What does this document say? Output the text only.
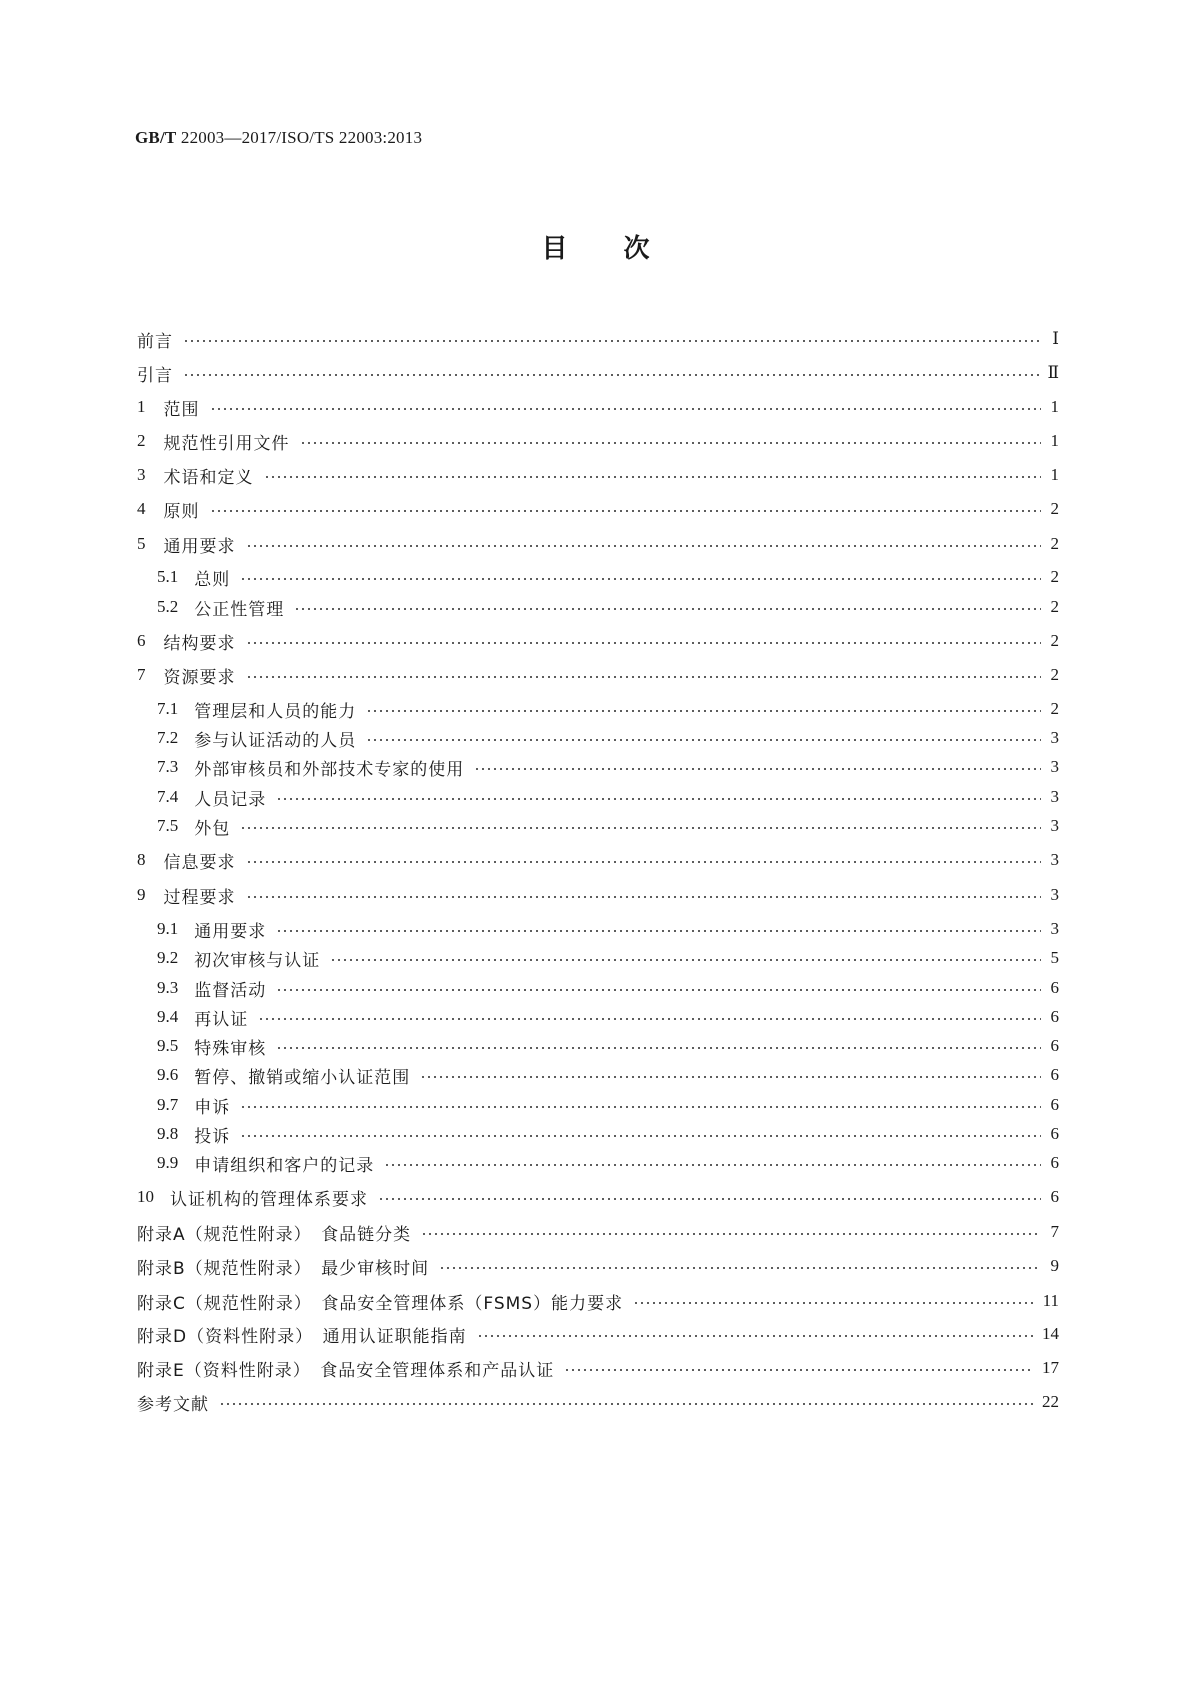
GB/T 22003—2017/ISO/TS 22003:2013
目次
前言	Ⅰ
引言	Ⅱ
1 范围	1
2 规范性引用文件	1
3 术语和定义	1
4 原则	2
5 通用要求	2
5.1 总则	2
5.2 公正性管理	2
6 结构要求	2
7 资源要求	2
7.1 管理层和人员的能力	2
7.2 参与认证活动的人员	3
7.3 外部审核员和外部技术专家的使用	3
7.4 人员记录	3
7.5 外包	3
8 信息要求	3
9 过程要求	3
9.1 通用要求	3
9.2 初次审核与认证	5
9.3 监督活动	6
9.4 再认证	6
9.5 特殊审核	6
9.6 暂停、撤销或缩小认证范围	6
9.7 申诉	6
9.8 投诉	6
9.9 申请组织和客户的记录	6
10 认证机构的管理体系要求	6
附录A（规范性附录）　食品链分类	7
附录B（规范性附录）　最少审核时间	9
附录C（规范性附录）　食品安全管理体系（FSMS）能力要求	11
附录D（资料性附录）　通用认证职能指南	14
附录E（资料性附录）　食品安全管理体系和产品认证	17
参考文献	22
